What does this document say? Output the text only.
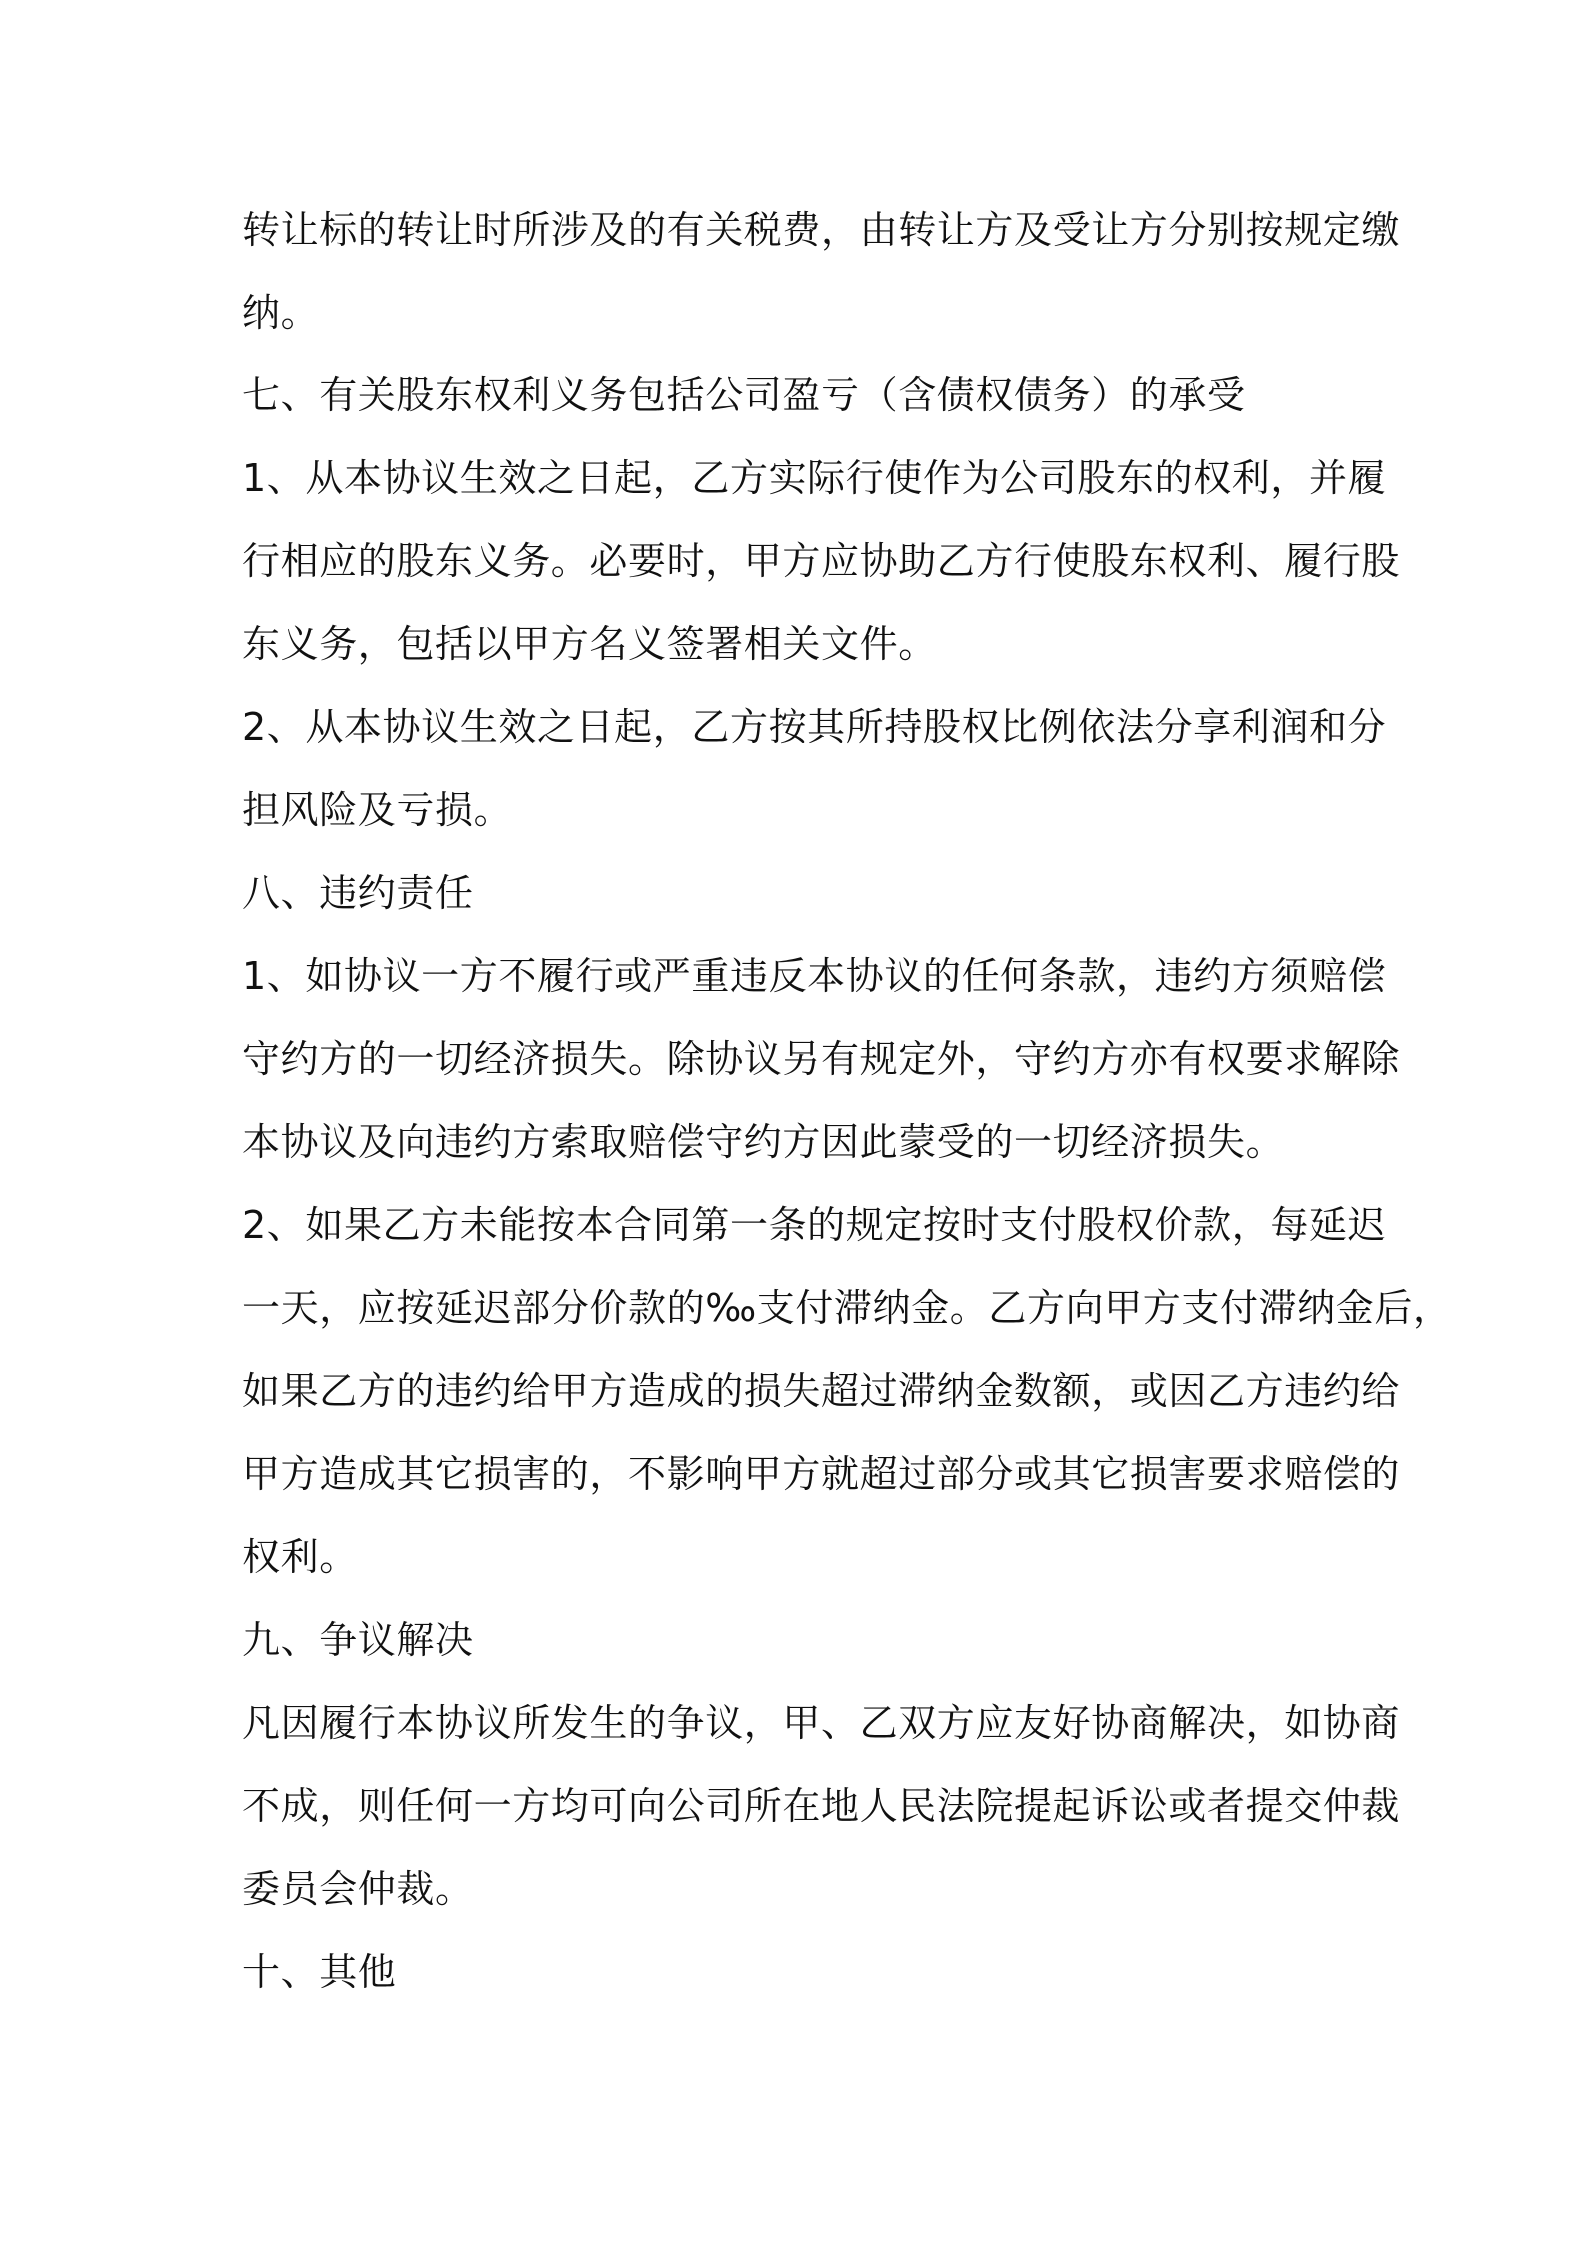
转让标的转让时所涉及的有关税费，由转让方及受让方分别按规定缴
纳。
七、有关股东权利义务包括公司盈亏（含债权债务）的承受
1、从本协议生效之日起，乙方实际行使作为公司股东的权利，并履
行相应的股东义务。必要时，甲方应协助乙方行使股东权利、履行股
东义务，包括以甲方名义签署相关文件。
2、从本协议生效之日起，乙方按其所持股权比例依法分享利润和分
担风险及亏损。
八、违约责任
1、如协议一方不履行或严重违反本协议的任何条款，违约方须赔偿
守约方的一切经济损失。除协议另有规定外，守约方亦有权要求解除
本协议及向违约方索取赔偿守约方因此蒙受的一切经济损失。
2、如果乙方未能按本合同第一条的规定按时支付股权价款，每延迟
一天，应按延迟部分价款的‰支付滞纳金。乙方向甲方支付滞纳金后，
如果乙方的违约给甲方造成的损失超过滞纳金数额，或因乙方违约给
甲方造成其它损害的，不影响甲方就超过部分或其它损害要求赔偿的
权利。
九、争议解决
凡因履行本协议所发生的争议，甲、乙双方应友好协商解决，如协商
不成，则任何一方均可向公司所在地人民法院提起诉讼或者提交仲裁
委员会仲裁。
十、其他
